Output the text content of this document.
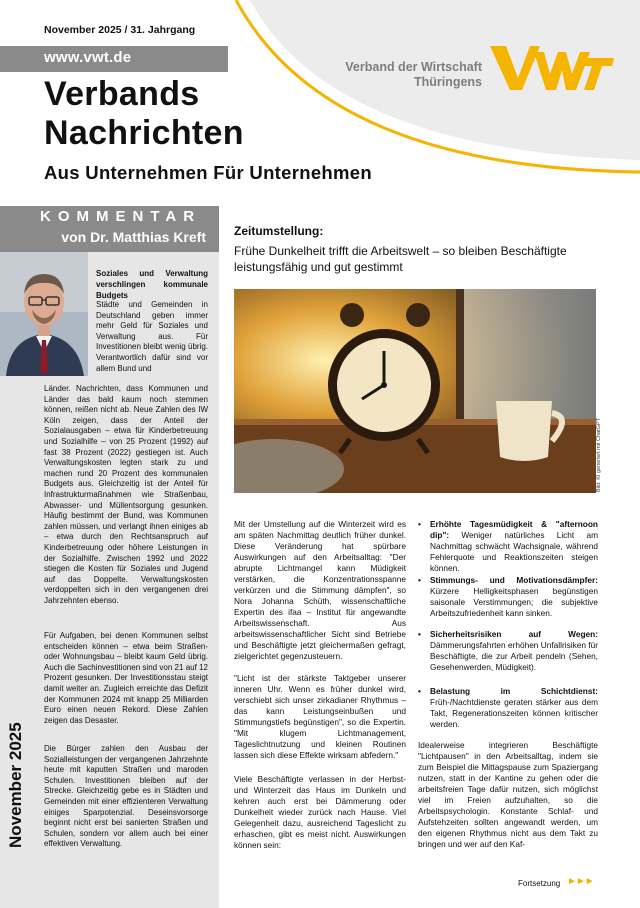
November 2025 / 31. Jahrgang
www.vwt.de
Verbands
Nachrichten
Aus Unternehmen Für Unternehmen
Verband der Wirtschaft
Thüringens
KOMMENTAR
von Dr. Matthias Kreft
Soziales und Verwaltung verschlingen kommunale Budgets

Städte und Gemeinden in Deutschland geben immer mehr Geld für Soziales und Verwaltung aus. Für Investitionen bleibt wenig übrig. Verantwortlich dafür sind vor allem Bund und

Länder. Nachrichten, dass Kommunen und Länder das bald kaum noch stemmen können, reißen nicht ab. Neue Zahlen des IW Köln zeigen, dass der Anteil der Sozialausgaben – etwa für Kinderbetreuung und Sozialhilfe – von 25 Prozent (1992) auf fast 38 Prozent (2022) gestiegen ist. Auch Verwaltungskosten legten stark zu und machen rund 20 Prozent des kommunalen Budgets aus. Gleichzeitig ist der Anteil für Infrastrukturmaßnahmen wie Straßenbau, Abwasser- und Müllentsorgung gesunken. Häufig bestimmt der Bund, was Kommunen zahlen müssen, und verlangt ihnen einiges ab – etwa durch den Rechtsanspruch auf Kinderbetreuung oder höhere Leistungen in der Sozialhilfe. Zwischen 1992 und 2022 stiegen die Kosten für Soziales und Jugend auf das Doppelte. Verwaltungskosten verdoppelten sich in den vergangenen drei Jahrzehnten ebenso.

Für Aufgaben, bei denen Kommunen selbst entscheiden können – etwa beim Straßen- oder Wohnungsbau – bleibt kaum Geld übrig. Auch die Sachinvestitionen sind von 21 auf 12 Prozent gesunken. Der Investitionsstau steigt damit weiter an. Zugleich erreichte das Defizit der Kommunen 2024 mit knapp 25 Milliarden Euro einen neuen Rekord. Diese Zahlen zeigen das Desaster.

Die Bürger zahlen den Ausbau der Sozialleistungen der vergangenen Jahrzehnte heute mit kaputten Straßen und maroden Schulen. Investitionen bleiben auf der Strecke. Gleichzeitig gebe es in Städten und Gemeinden mit einer effizienteren Verwaltung einiges Sparpotenzial. Deseinsvorsorge beginnt nicht erst bei sanierten Straßen und Schulen, sondern vor allem auch bei einer effektiven Verwaltung.

November 2025
Zeitumstellung:
Frühe Dunkelheit trifft die Arbeitswelt – so bleiben Beschäftigte leistungsfähig und gut gestimmt
Bild: KI generiert mit ChatGPT

Mit der Umstellung auf die Winterzeit wird es am späten Nachmittag deutlich früher dunkel. Diese Veränderung hat spürbare Auswirkungen auf den Arbeitsalltag: "Der abrupte Lichtmangel kann Müdigkeit verstärken, die Konzentrationsspanne verkürzen und die Stimmung dämpfen", so Nora Johanna Schüth, wissenschaftliche Expertin des ifaa – Institut für angewandte Arbeitswissenschaft. Aus arbeitswissenschaftlicher Sicht sind Betriebe und Beschäftigte jetzt gleichermaßen gefragt, zielgerichtet gegenzusteuern.

"Licht ist der stärkste Taktgeber unserer inneren Uhr. Wenn es früher dunkel wird, verschiebt sich unser zirkadianer Rhythmus – das kann Leistungseinbußen und Stimmungstiefs begünstigen", so die Expertin. "Mit klugem Lichtmanagement, Tageslichtnutzung und kleinen Routinen lassen sich diese Effekte wirksam abfedern."

Viele Beschäftigte verlassen in der Herbst- und Winterzeit das Haus im Dunkeln und kehren auch erst bei Dämmerung oder Dunkelheit wieder zurück nach Hause. Viel Gelegenheit dazu, ausreichend Tageslicht zu erhaschen, gibt es meist nicht. Auswirkungen können sein:

• Erhöhte Tagesmüdigkeit & "afternoon dip": Weniger natürliches Licht am Nachmittag schwächt Wachsignale, während Fehlerquote und Reaktionszeiten steigen können.
• Stimmungs- und Motivationsdämpfer: Kürzere Helligkeitsphasen begünstigen saisonale Verstimmungen; die subjektive Arbeitszufriedenheit kann sinken.
• Sicherheitsrisiken auf Wegen: Dämmerungsfahrten erhöhen Unfallrisiken für Beschäftigte, die zur Arbeit pendeln (Sehen, Gesehenwerden, Müdigkeit).
• Belastung im Schichtdienst: Früh-/Nachtdienste geraten stärker aus dem Takt, Regenerationszeiten können kritischer werden.

Idealerweise integrieren Beschäftigte "Lichtpausen" in den Arbeitsalltag, indem sie zum Beispiel die Mittagspause zum Spaziergang nutzen, statt in der Kantine zu gehen oder die arbeitsfreien Tage dafür nutzen, sich möglichst viel im Freien aufzuhalten, so die Arbeitspsychologin. Konstante Schlaf- und Aufstehzeiten sollten angewandt werden, um den eigenen Rhythmus nicht aus dem Takt zu bringen und wer auf den Kaf-

Fortsetzung ►►►
